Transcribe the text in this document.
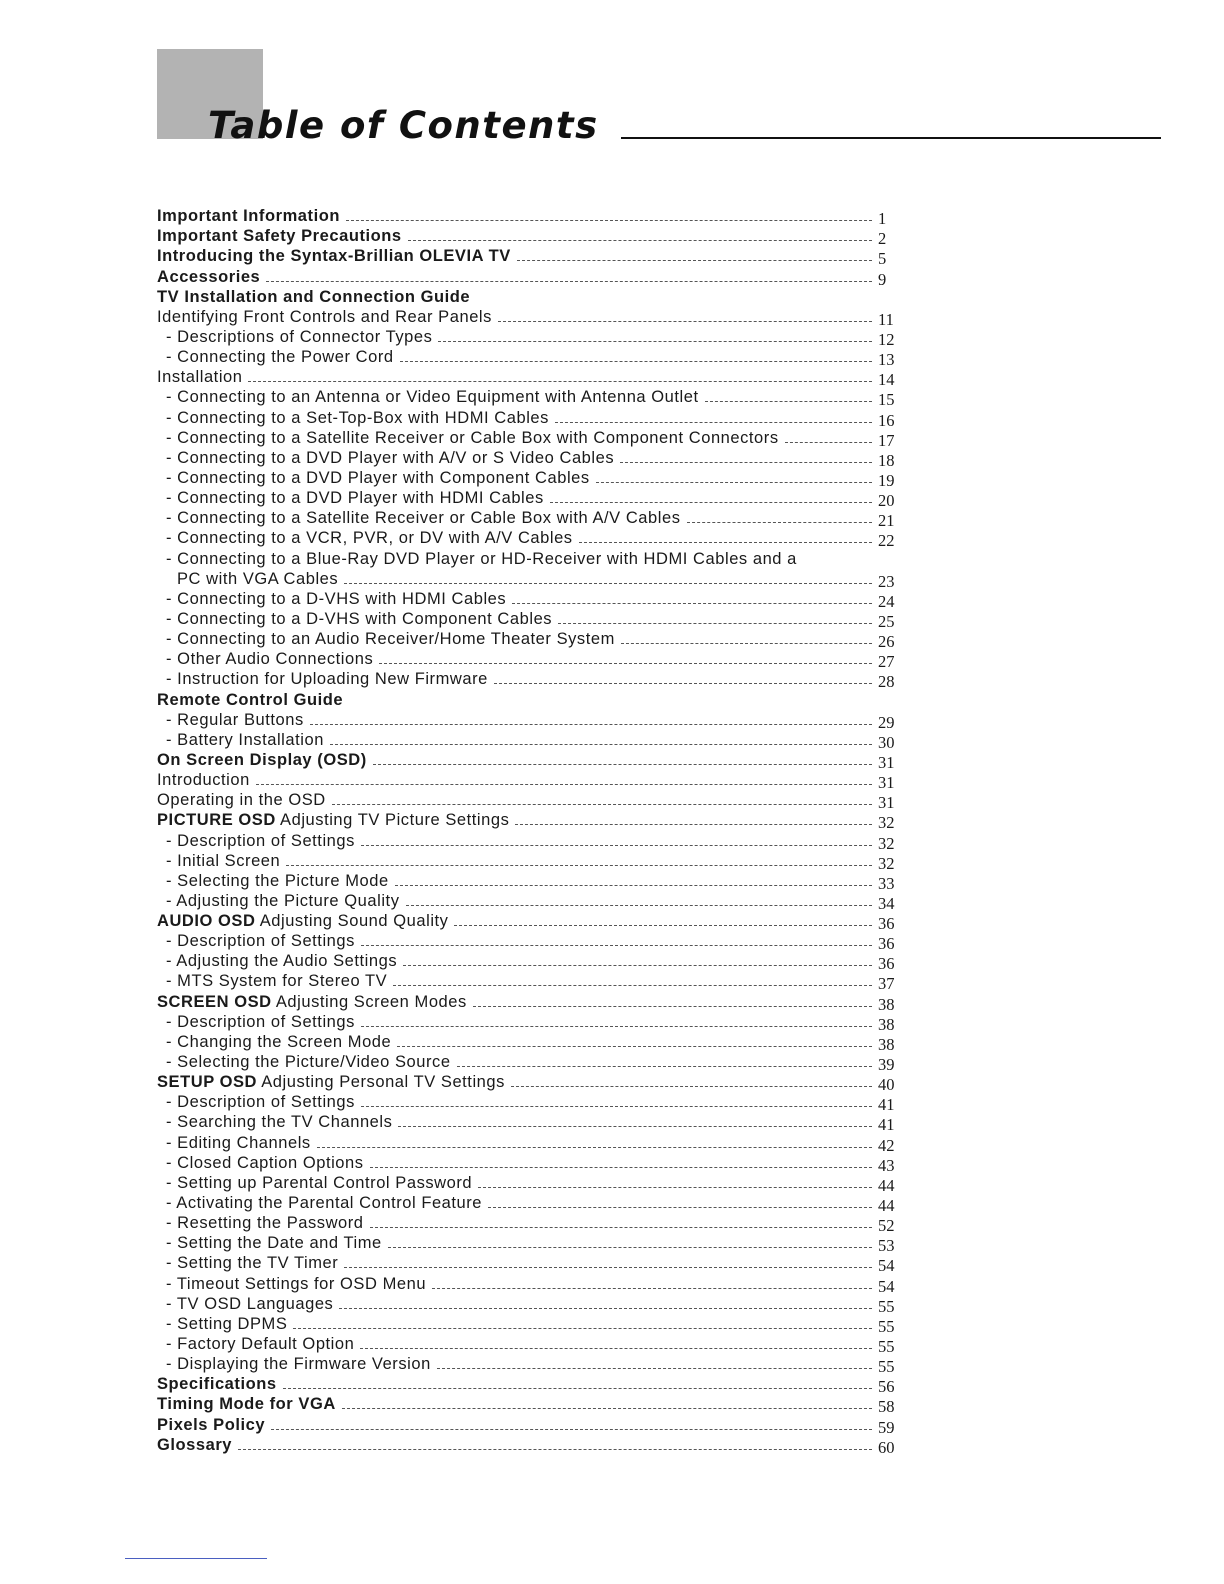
Table of Contents
Important Information	1
Important Safety Precautions	2
Introducing the Syntax-Brillian OLEVIA TV	5
Accessories	9
TV Installation and Connection Guide
Identifying Front Controls and Rear Panels	11
- Descriptions of Connector Types	12
- Connecting the Power Cord	13
Installation	14
- Connecting to an Antenna or Video Equipment with Antenna Outlet	15
- Connecting to a Set-Top-Box with HDMI Cables	16
- Connecting to a Satellite Receiver or Cable Box with Component Connectors	17
- Connecting to a DVD Player with A/V or S Video Cables	18
- Connecting to a DVD Player with Component Cables	19
- Connecting to a DVD Player with HDMI Cables	20
- Connecting to a Satellite Receiver or Cable Box with A/V Cables	21
- Connecting to a VCR, PVR, or DV with A/V Cables	22
- Connecting to a Blue-Ray DVD Player or HD-Receiver with HDMI Cables and a
PC with VGA Cables	23
- Connecting to a D-VHS with HDMI Cables	24
- Connecting to a D-VHS with Component Cables	25
- Connecting to an Audio Receiver/Home Theater System	26
- Other Audio Connections	27
- Instruction for Uploading New Firmware	28
Remote Control Guide
- Regular Buttons	29
- Battery Installation	30
On Screen Display (OSD)	31
Introduction	31
Operating in the OSD	31
PICTURE OSD Adjusting TV Picture Settings	32
- Description of Settings	32
- Initial Screen	32
- Selecting the Picture Mode	33
- Adjusting the Picture Quality	34
AUDIO OSD Adjusting Sound Quality	36
- Description of Settings	36
- Adjusting the Audio Settings	36
- MTS System for Stereo TV	37
SCREEN OSD Adjusting Screen Modes	38
- Description of Settings	38
- Changing the Screen Mode	38
- Selecting the Picture/Video Source	39
SETUP OSD Adjusting Personal TV Settings	40
- Description of Settings	41
- Searching the TV Channels	41
- Editing Channels	42
- Closed Caption Options	43
- Setting up Parental Control Password	44
- Activating the Parental Control Feature	44
- Resetting the Password	52
- Setting the Date and Time	53
- Setting the TV Timer	54
- Timeout Settings for OSD Menu	54
- TV OSD Languages	55
- Setting DPMS	55
- Factory Default Option	55
- Displaying the Firmware Version	55
Specifications	56
Timing Mode for VGA	58
Pixels Policy	59
Glossary	60
